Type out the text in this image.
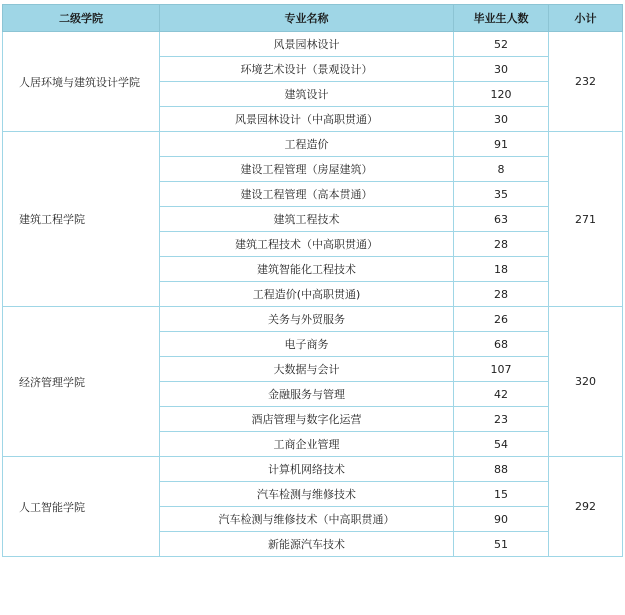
二级学院	专业名称	毕业生人数	小计
人居环境与建筑设计学院	风景园林设计	52	232
	环境艺术设计（景观设计）	30	
	建筑设计	120	
	风景园林设计（中高职贯通）	30	
建筑工程学院	工程造价	91	271
	建设工程管理（房屋建筑）	8	
	建设工程管理（高本贯通）	35	
	建筑工程技术	63	
	建筑工程技术（中高职贯通）	28	
	建筑智能化工程技术	18	
	工程造价(中高职贯通)	28	
经济管理学院	关务与外贸服务	26	320
	电子商务	68	
	大数据与会计	107	
	金融服务与管理	42	
	酒店管理与数字化运营	23	
	工商企业管理	54	
人工智能学院	计算机网络技术	88	292
	汽车检测与维修技术	15	
	汽车检测与维修技术（中高职贯通）	90	
	新能源汽车技术	51	
